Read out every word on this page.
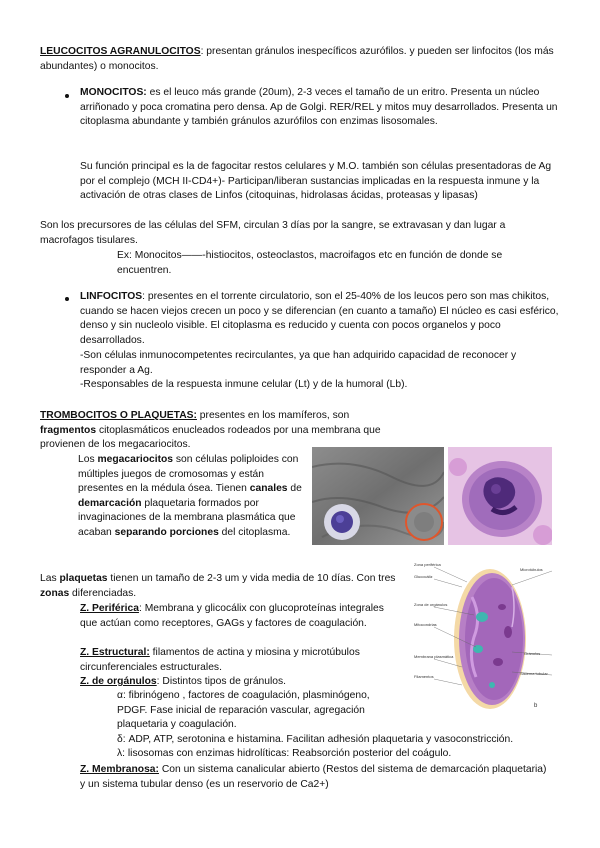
LEUCOCITOS AGRANULOCITOS: presentan gránulos inespecíficos azurófilos. y pueden ser linfocitos (los más abundantes) o monocitos.

MONOCITOS: es el leuco más grande (20um), 2-3 veces el tamaño de un eritro. Presenta un núcleo arriñonado y poca cromatina pero densa. Ap de Golgi. RER/REL y mitos muy desarrollados. Presenta un citoplasma abundante y también gránulos azurófilos con enzimas lisosomales.

Su función principal es la de fagocitar restos celulares y M.O. también son células presentadoras de Ag por el complejo (MCH II-CD4+)- Participan/liberan sustancias implicadas en la respuesta inmune y la activación de otras clases de Linfos (citoquinas, hidrolasas ácidas, proteasas y lipasas)

Son los precursores de las células del SFM, circulan 3 días por la sangre, se extravasan y dan lugar a macrofagos tisulares.

Ex: Monocitos——-histiocitos, osteoclastos, macroifagos etc en función de donde se encuentren.

LINFOCITOS: presentes en el torrente circulatorio, son el 25-40% de los leucos pero son mas chikitos, cuando se hacen viejos crecen un poco y se diferencian (en cuanto a tamaño) El núcleo es casi esférico, denso y sin nucleolo visible. El citoplasma es reducido y cuenta con pocos organelos y poco desarrollados.

-Son células inmunocompetentes recirculantes, ya que han adquirido capacidad de reconocer y responder a Ag.

-Responsables de la respuesta inmune celular (Lt) y de la humoral (Lb).

TROMBOCITOS O PLAQUETAS: presentes en los mamíferos, son fragmentos citoplasmáticos enucleados rodeados por una membrana que provienen de los megacariocitos.

Los megacariocitos son células poliploides con múltiples juegos de cromosomas y están presentes en la médula ósea. Tienen canales de demarcación plaquetaria formados por invaginaciones de la membrana plasmática que acaban separando porciones del citoplasma.

Las plaquetas tienen un tamaño de 2-3 um y vida media de 10 días. Con tres zonas diferenciadas.

Z. Periférica: Membrana y glicocálix con glucoproteínas integrales que actúan como receptores, GAGs y factores de coagulación.

Z. Estructural: filamentos de actina y miosina y microtúbulos circunferenciales estructurales.

Z. de orgánulos: Distintos tipos de gránulos.

α: fibrinógeno , factores de coagulación, plasminógeno, PDGF. Fase inicial de reparación vascular, agregación plaquetaria y coagulación.

δ: ADP, ATP, serotonina e histamina. Facilitan adhesión plaquetaria y vasoconstricción.

λ: lisosomas con enzimas hidrolíticas: Reabsorción posterior del coágulo.

Z. Membranosa: Con un sistema canalicular abierto (Restos del sistema de demarcación plaquetaria) y un sistema tubular denso (es un reservorio de Ca2+)

Zona periférica
Glucocáliz
Microtúbulos
Zona de orgánulos
Mitocondrias
Membrana plasmática
Filamentos
Gránulos
Sistema tubular
b
